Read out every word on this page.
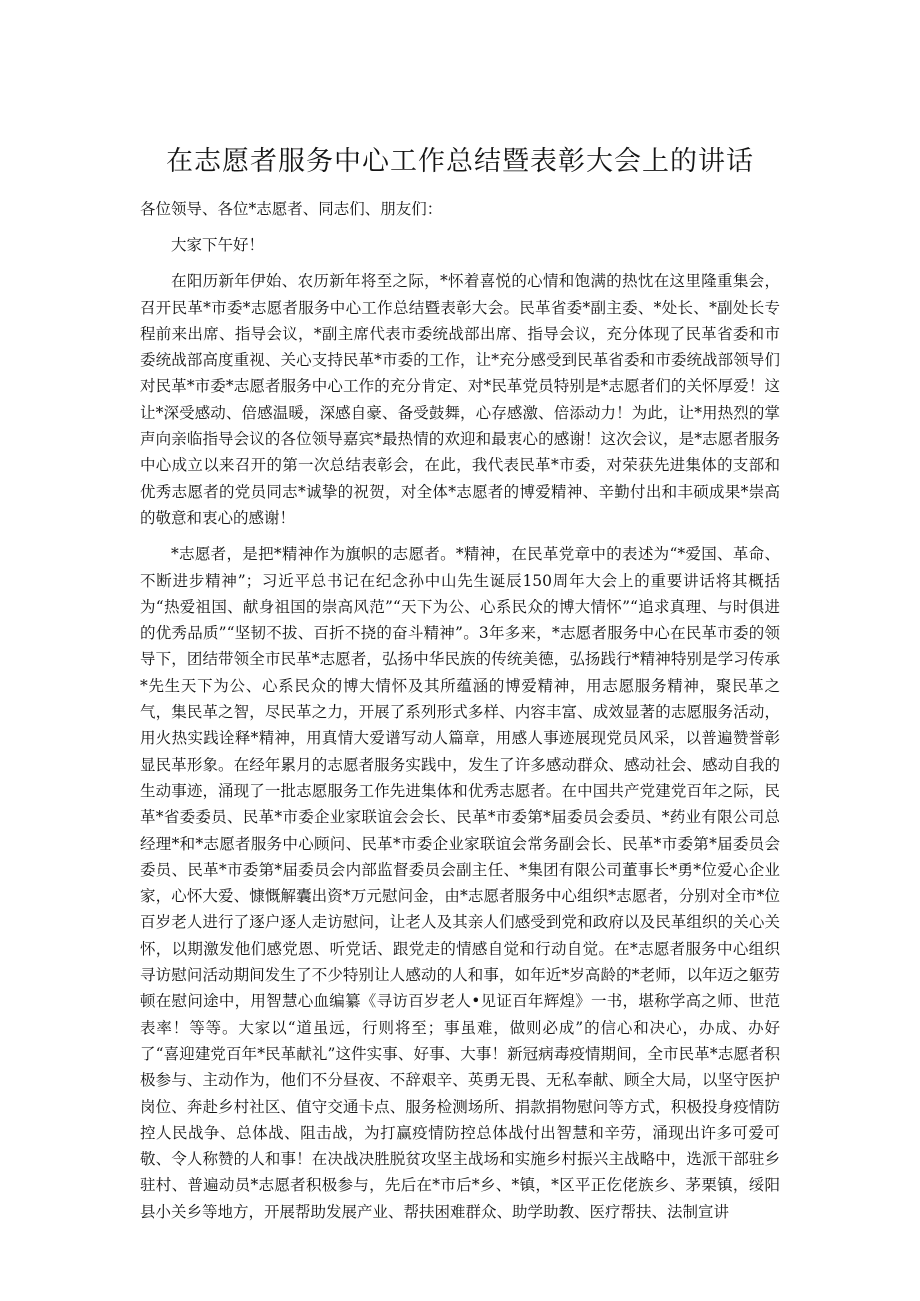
在志愿者服务中心工作总结暨表彰大会上的讲话

各位领导、各位*志愿者、同志们、朋友们：

大家下午好！

在阳历新年伊始、农历新年将至之际，*怀着喜悦的心情和饱满的热忱在这里隆重集会，召开民革*市委*志愿者服务中心工作总结暨表彰大会。民革省委*副主委、*处长、*副处长专程前来出席、指导会议，*副主席代表市委统战部出席、指导会议，充分体现了民革省委和市委统战部高度重视、关心支持民革*市委的工作，让*充分感受到民革省委和市委统战部领导们对民革*市委*志愿者服务中心工作的充分肯定、对*民革党员特别是*志愿者们的关怀厚爱！这让*深受感动、倍感温暖，深感自豪、备受鼓舞，心存感激、倍添动力！为此，让*用热烈的掌声向亲临指导会议的各位领导嘉宾*最热情的欢迎和最衷心的感谢！这次会议，是*志愿者服务中心成立以来召开的第一次总结表彰会，在此，我代表民革*市委，对荣获先进集体的支部和优秀志愿者的党员同志*诚挚的祝贺，对全体*志愿者的博爱精神、辛勤付出和丰硕成果*崇高的敬意和衷心的感谢！

*志愿者，是把*精神作为旗帜的志愿者。*精神，在民革党章中的表述为“*爱国、革命、不断进步精神”；习近平总书记在纪念孙中山先生诞辰150周年大会上的重要讲话将其概括为“热爱祖国、献身祖国的崇高风范”“天下为公、心系民众的博大情怀”“追求真理、与时俱进的优秀品质”“坚韧不拔、百折不挠的奋斗精神”。3年多来，*志愿者服务中心在民革市委的领导下，团结带领全市民革*志愿者，弘扬中华民族的传统美德，弘扬践行*精神特别是学习传承*先生天下为公、心系民众的博大情怀及其所蕴涵的博爱精神，用志愿服务精神，聚民革之气，集民革之智，尽民革之力，开展了系列形式多样、内容丰富、成效显著的志愿服务活动，用火热实践诠释*精神，用真情大爱谱写动人篇章，用感人事迹展现党员风采，以普遍赞誉彰显民革形象。在经年累月的志愿者服务实践中，发生了许多感动群众、感动社会、感动自我的生动事迹，涌现了一批志愿服务工作先进集体和优秀志愿者。在中国共产党建党百年之际，民革*省委委员、民革*市委企业家联谊会会长、民革*市委第*届委员会委员、*药业有限公司总经理*和*志愿者服务中心顾问、民革*市委企业家联谊会常务副会长、民革*市委第*届委员会委员、民革*市委第*届委员会内部监督委员会副主任、*集团有限公司董事长*勇*位爱心企业家，心怀大爱、慷慨解囊出资*万元慰问金，由*志愿者服务中心组织*志愿者，分别对全市*位百岁老人进行了逐户逐人走访慰问，让老人及其亲人们感受到党和政府以及民革组织的关心关怀，以期激发他们感党恩、听党话、跟党走的情感自觉和行动自觉。在*志愿者服务中心组织寻访慰问活动期间发生了不少特别让人感动的人和事，如年近*岁高龄的*老师，以年迈之躯劳顿在慰问途中，用智慧心血编纂《寻访百岁老人•见证百年辉煌》一书，堪称学高之师、世范表率！等等。大家以“道虽远，行则将至；事虽难，做则必成”的信心和决心，办成、办好了“喜迎建党百年*民革献礼”这件实事、好事、大事！新冠病毒疫情期间，全市民革*志愿者积极参与、主动作为，他们不分昼夜、不辞艰辛、英勇无畏、无私奉献、顾全大局，以坚守医护岗位、奔赴乡村社区、值守交通卡点、服务检测场所、捐款捐物慰问等方式，积极投身疫情防控人民战争、总体战、阻击战，为打赢疫情防控总体战付出智慧和辛劳，涌现出许多可爱可敬、令人称赞的人和事！在决战决胜脱贫攻坚主战场和实施乡村振兴主战略中，选派干部驻乡驻村、普遍动员*志愿者积极参与，先后在*市后*乡、*镇，*区平正仡佬族乡、茅栗镇，绥阳县小关乡等地方，开展帮助发展产业、帮扶困难群众、助学助教、医疗帮扶、法制宣讲
